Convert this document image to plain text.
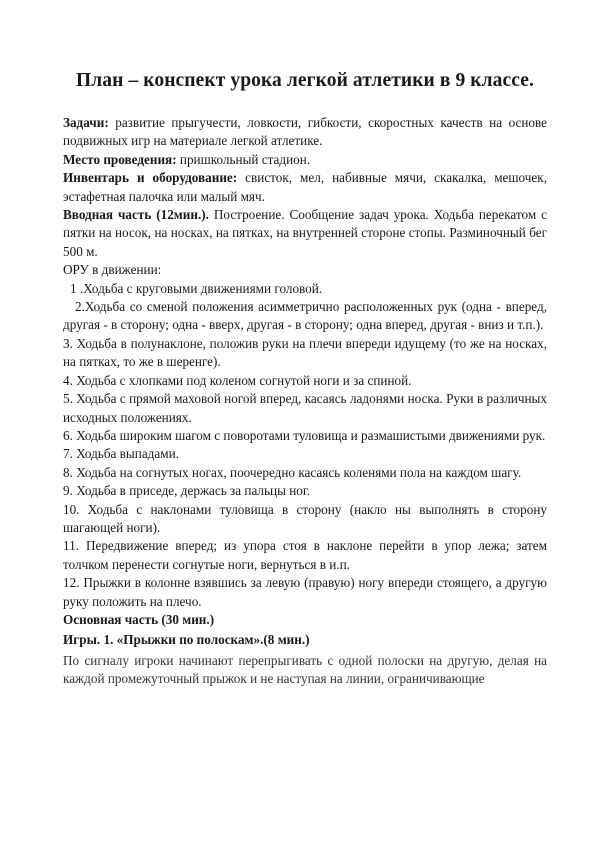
План – конспект урока легкой атлетики в 9 классе.

Задачи: развитие прыгучести, ловкости, гибкости, скоростных качеств на основе подвижных игр на материале легкой атлетике.

Место проведения: пришкольный стадион.

Инвентарь и оборудование: свисток, мел, набивные мячи, скакалка, мешочек, эстафетная палочка или малый мяч.

Вводная часть (12мин.). Построение. Сообщение задач урока. Ходьба перекатом с пятки на носок, на носках, на пятках, на внутренней стороне стопы. Разминочный бег 500 м.

ОРУ в движении:

1 .Ходьба с круговыми движениями головой.

2.Ходьба со сменой положения асимметрично расположенных рук (одна - вперед, другая - в сторону; одна - вверх, другая - в сторону; одна вперед, другая - вниз и т.п.).

3. Ходьба в полунаклоне, положив руки на плечи впереди идущему (то же на носках, на пятках, то же в шеренге).

4. Ходьба с хлопками под коленом согнутой ноги и за спиной.

5. Ходьба с прямой маховой ногой вперед, касаясь ладонями носка. Руки в различных исходных положениях.

6. Ходьба широким шагом с поворотами туловища и размашистыми движениями рук.

7. Ходьба выпадами.

8. Ходьба на согнутых ногах, поочередно касаясь коленями пола на каждом шагу.

9. Ходьба в приседе, держась за пальцы ног.

10. Ходьба с наклонами туловища в сторону (накло ны выполнять в сторону шагающей ноги).

11. Передвижение вперед; из упора стоя в наклоне перейти в упор лежа; затем толчком перенести согнутые ноги, вернуться в и.п.

12. Прыжки в колонне взявшись за левую (правую) ногу впереди стоящего, а другую руку положить на плечо.

Основная часть (30 мин.)

Игры. 1. «Прыжки по полоскам».(8 мин.)

По сигналу игроки начинают перепрыгивать с одной полоски на другую, делая на каждой промежуточный прыжок и не наступая на линии, ограничивающие
